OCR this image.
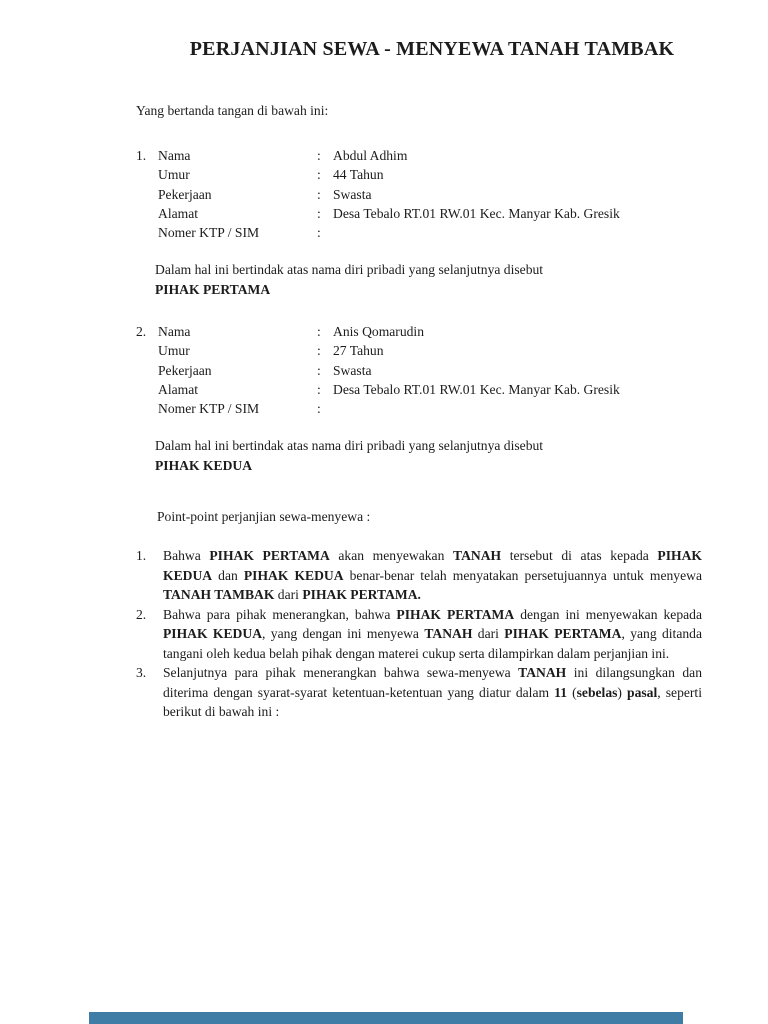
PERJANJIAN SEWA - MENYEWA TANAH TAMBAK
Yang bertanda tangan di bawah ini:
1. Nama	: Abdul Adhim
Umur	: 44 Tahun
Pekerjaan	: Swasta
Alamat	: Desa Tebalo RT.01 RW.01 Kec. Manyar Kab. Gresik
Nomer KTP / SIM	:
Dalam hal ini bertindak atas nama diri pribadi yang selanjutnya disebut
PIHAK PERTAMA
2. Nama	: Anis Qomarudin
Umur	: 27 Tahun
Pekerjaan	: Swasta
Alamat	: Desa Tebalo RT.01 RW.01 Kec. Manyar Kab. Gresik
Nomer KTP / SIM	:
Dalam hal ini bertindak atas nama diri pribadi yang selanjutnya disebut
PIHAK KEDUA
Point-point perjanjian sewa-menyewa :
1.	Bahwa PIHAK PERTAMA akan menyewakan TANAH tersebut di atas kepada PIHAK KEDUA dan PIHAK KEDUA benar-benar telah menyatakan persetujuannya untuk menyewa TANAH TAMBAK dari PIHAK PERTAMA.
2.	Bahwa para pihak menerangkan, bahwa PIHAK PERTAMA dengan ini menyewakan kepada PIHAK KEDUA, yang dengan ini menyewa TANAH dari PIHAK PERTAMA, yang ditanda tangani oleh kedua belah pihak dengan materei cukup serta dilampirkan dalam perjanjian ini.
3.	Selanjutnya para pihak menerangkan bahwa sewa-menyewa TANAH ini dilangsungkan dan diterima dengan syarat-syarat ketentuan-ketentuan yang diatur dalam 11 (sebelas) pasal, seperti berikut di bawah ini :
